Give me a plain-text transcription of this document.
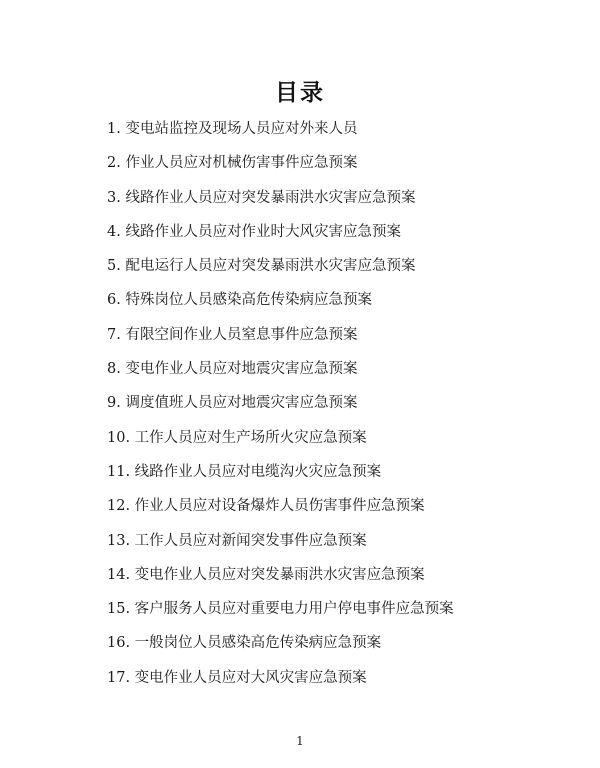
目录
1. 变电站监控及现场人员应对外来人员
2. 作业人员应对机械伤害事件应急预案
3. 线路作业人员应对突发暴雨洪水灾害应急预案
4. 线路作业人员应对作业时大风灾害应急预案
5. 配电运行人员应对突发暴雨洪水灾害应急预案
6. 特殊岗位人员感染高危传染病应急预案
7. 有限空间作业人员窒息事件应急预案
8. 变电作业人员应对地震灾害应急预案
9. 调度值班人员应对地震灾害应急预案
10. 工作人员应对生产场所火灾应急预案
11. 线路作业人员应对电缆沟火灾应急预案
12. 作业人员应对设备爆炸人员伤害事件应急预案
13. 工作人员应对新闻突发事件应急预案
14. 变电作业人员应对突发暴雨洪水灾害应急预案
15. 客户服务人员应对重要电力用户停电事件应急预案
16. 一般岗位人员感染高危传染病应急预案
17. 变电作业人员应对大风灾害应急预案
1
